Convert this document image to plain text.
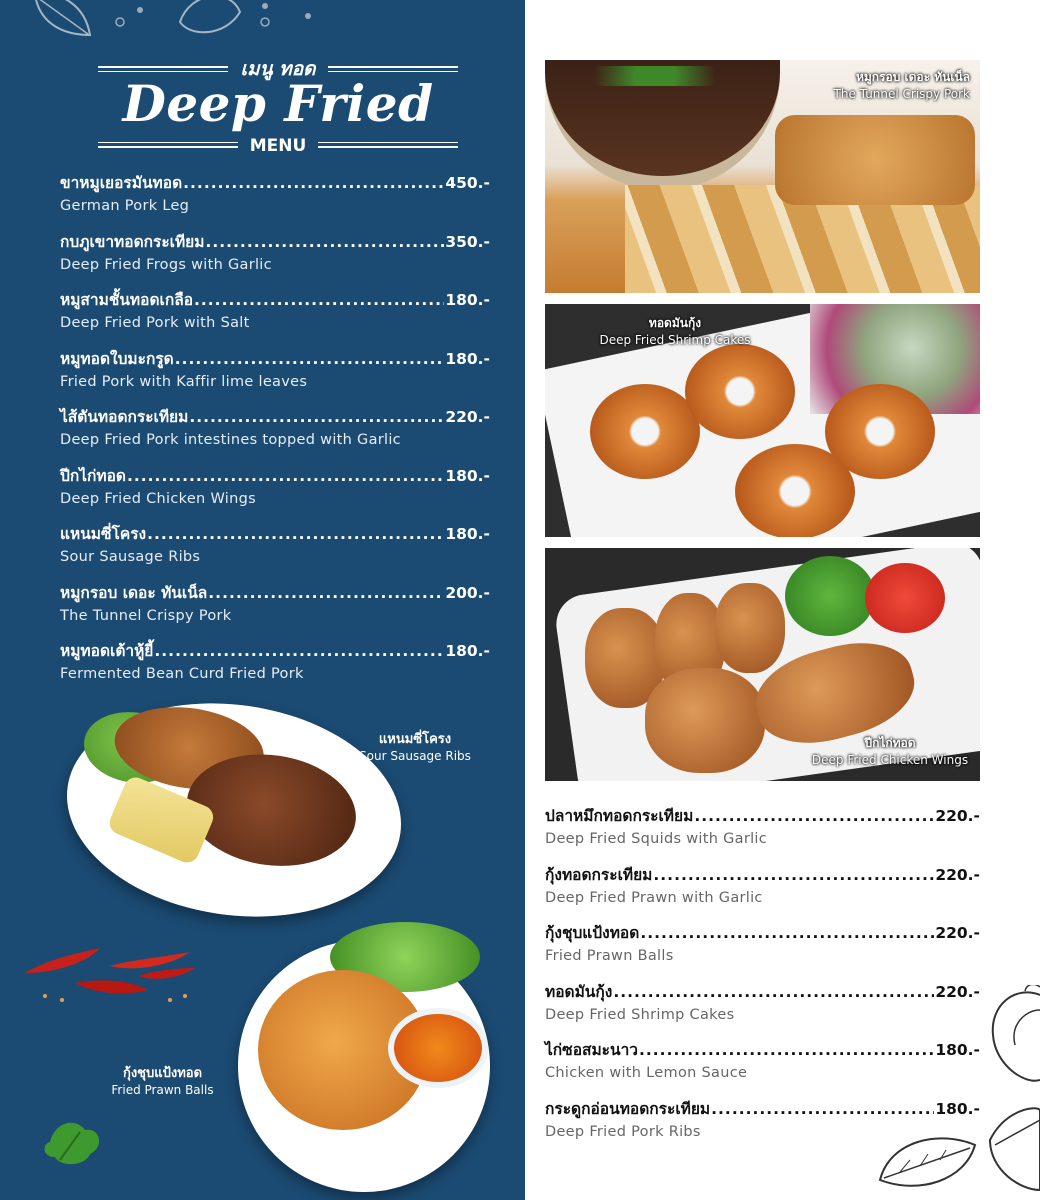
เมนู ทอด
Deep Fried
MENU
ขาหมูเยอรมันทอด .....	450.-
German Pork Leg
กบภูเขาทอดกระเทียม .....	350.-
Deep Fried Frogs with Garlic
หมูสามชั้นทอดเกลือ .....	180.-
Deep Fried Pork with Salt
หมูทอดใบมะกรูด .....	180.-
Fried Pork with Kaffir lime leaves
ไส้ตันทอดกระเทียม .....	220.-
Deep Fried Pork intestines topped with Garlic
ปีกไก่ทอด .....	180.-
Deep Fried Chicken Wings
แหนมซี่โครง .....	180.-
Sour Sausage Ribs
หมูกรอบ เดอะ ทันเน็ล .....	200.-
The Tunnel Crispy Pork
หมูทอดเต้าหู้ยี้ .....	180.-
Fermented Bean Curd Fried Pork
แหนมซี่โครง
Sour Sausage Ribs
กุ้งชุบแป้งทอด
Fried Prawn Balls
หมูกรอบ เดอะ ทันเน็ล
The Tunnel Crispy Pork
ทอดมันกุ้ง
Deep Fried Shrimp Cakes
ปีกไก่ทอด
Deep Fried Chicken Wings
ปลาหมึกทอดกระเทียม .....	220.-
Deep Fried Squids with Garlic
กุ้งทอดกระเทียม .....	220.-
Deep Fried Prawn with Garlic
กุ้งชุบแป้งทอด .....	220.-
Fried Prawn Balls
ทอดมันกุ้ง .....	220.-
Deep Fried Shrimp Cakes
ไก่ซอสมะนาว .....	180.-
Chicken with Lemon Sauce
กระดูกอ่อนทอดกระเทียม .....	180.-
Deep Fried Pork Ribs
